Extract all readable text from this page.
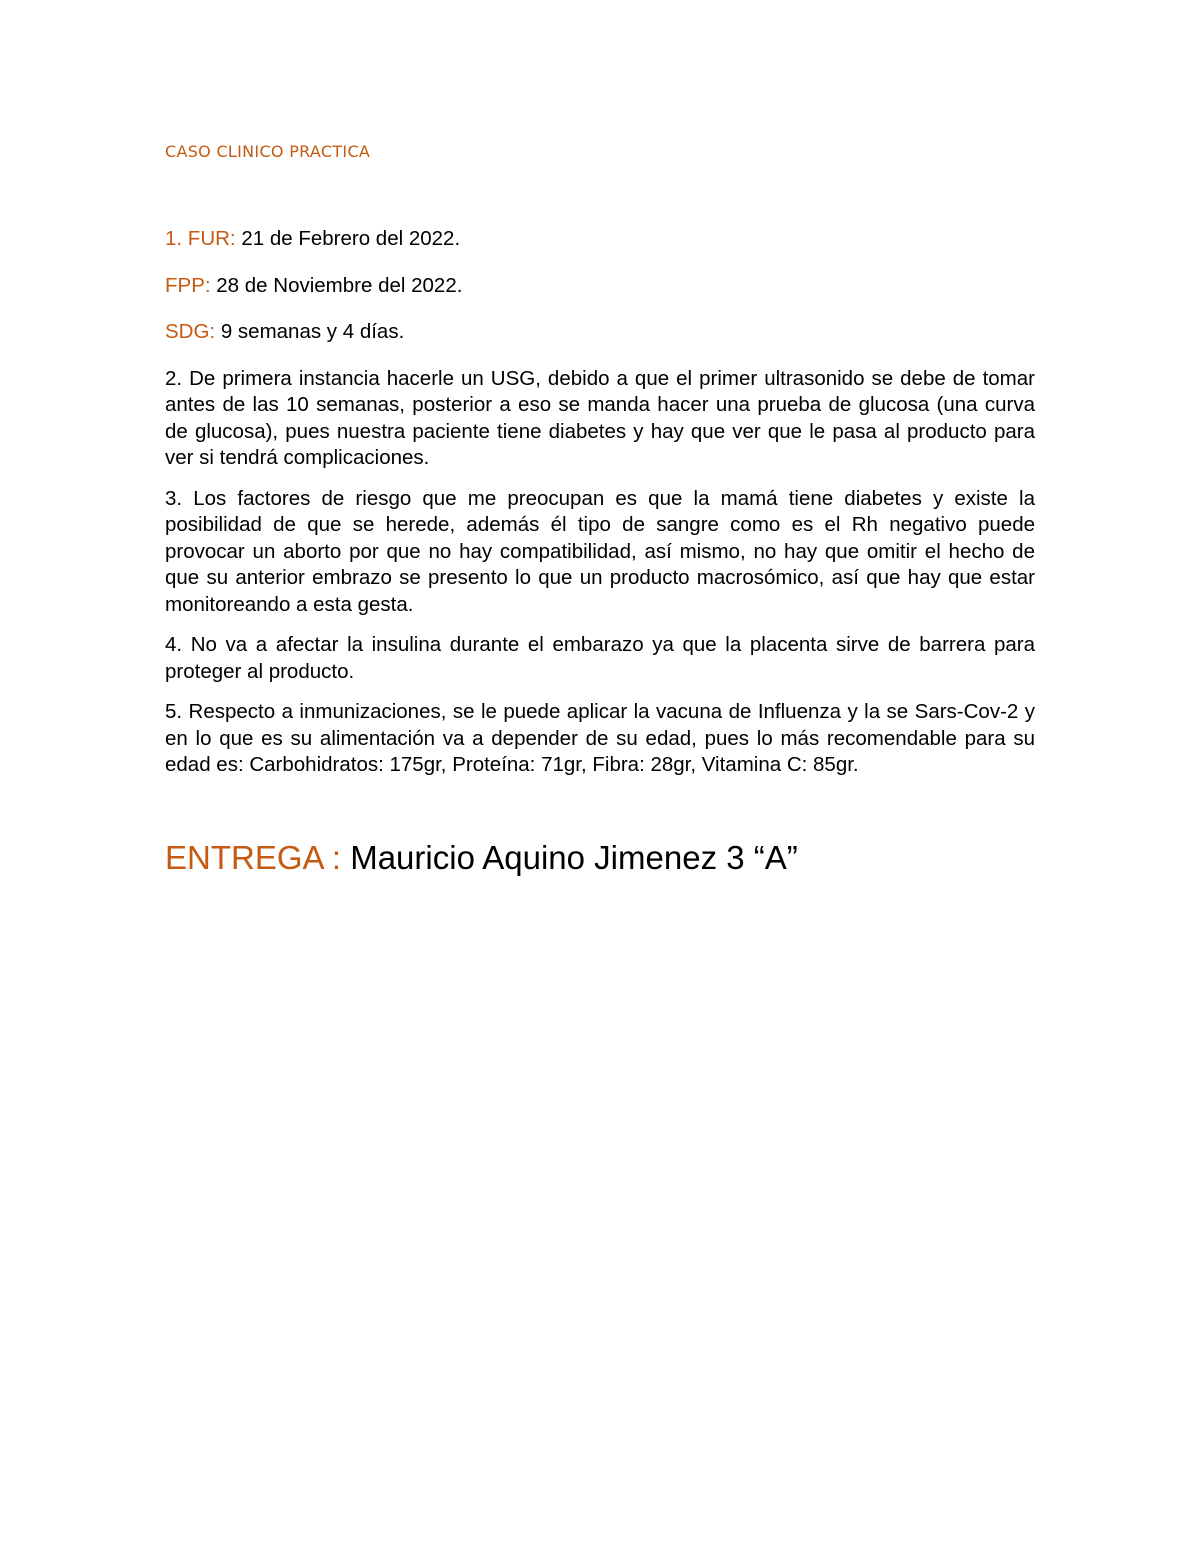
CASO CLINICO PRACTICA
1. FUR: 21 de Febrero del 2022.
FPP: 28 de Noviembre del 2022.
SDG: 9 semanas y 4 días.

2. De primera instancia hacerle un USG, debido a que el primer ultrasonido se debe de tomar antes de las 10 semanas, posterior a eso se manda hacer una prueba de glucosa (una curva de glucosa), pues nuestra paciente tiene diabetes y hay que ver que le pasa al producto para ver si tendrá complicaciones.

3. Los factores de riesgo que me preocupan es que la mamá tiene diabetes y existe la posibilidad de que se herede, además él tipo de sangre como es el Rh negativo puede provocar un aborto por que no hay compatibilidad, así mismo, no hay que omitir el hecho de que su anterior embrazo se presento lo que un producto macrosómico, así que hay que estar monitoreando a esta gesta.

4. No va a afectar la insulina durante el embarazo ya que la placenta sirve de barrera para proteger al producto.

5. Respecto a inmunizaciones, se le puede aplicar la vacuna de Influenza y la se Sars-Cov-2 y en lo que es su alimentación va a depender de su edad, pues lo más recomendable para su edad es: Carbohidratos: 175gr, Proteína: 71gr, Fibra: 28gr, Vitamina C: 85gr.

ENTREGA : Mauricio Aquino Jimenez 3 “A”
